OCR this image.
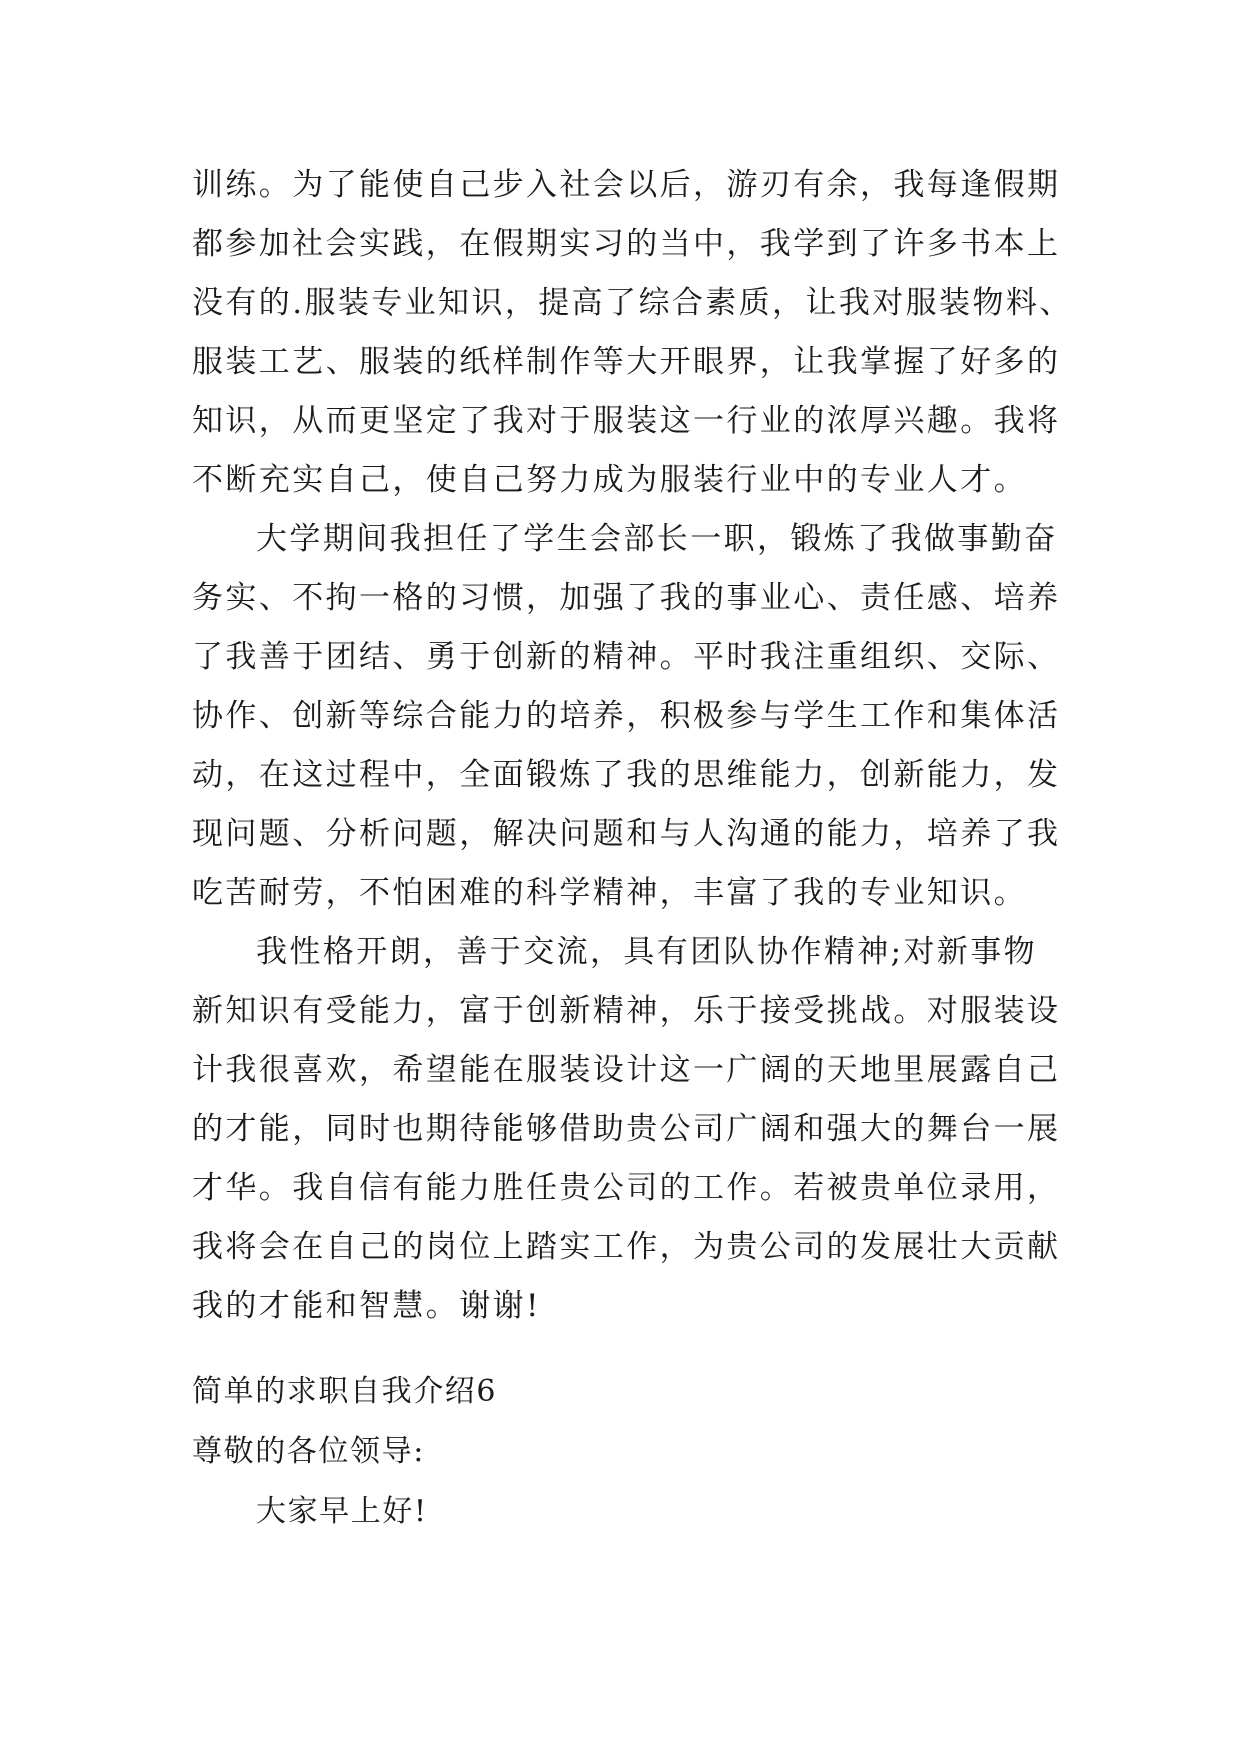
训练。为了能使自己步入社会以后，游刃有余，我每逢假期
都参加社会实践，在假期实习的当中，我学到了许多书本上
没有的.服装专业知识，提高了综合素质，让我对服装物料、
服装工艺、服装的纸样制作等大开眼界，让我掌握了好多的
知识，从而更坚定了我对于服装这一行业的浓厚兴趣。我将
不断充实自己，使自己努力成为服装行业中的专业人才。
大学期间我担任了学生会部长一职，锻炼了我做事勤奋
务实、不拘一格的习惯，加强了我的事业心、责任感、培养
了我善于团结、勇于创新的精神。平时我注重组织、交际、
协作、创新等综合能力的培养，积极参与学生工作和集体活
动，在这过程中，全面锻炼了我的思维能力，创新能力，发
现问题、分析问题，解决问题和与人沟通的能力，培养了我
吃苦耐劳，不怕困难的科学精神，丰富了我的专业知识。
我性格开朗，善于交流，具有团队协作精神;对新事物
新知识有受能力，富于创新精神，乐于接受挑战。对服装设
计我很喜欢，希望能在服装设计这一广阔的天地里展露自己
的才能，同时也期待能够借助贵公司广阔和强大的舞台一展
才华。我自信有能力胜任贵公司的工作。若被贵单位录用，
我将会在自己的岗位上踏实工作，为贵公司的发展壮大贡献
我的才能和智慧。谢谢!
简单的求职自我介绍6
尊敬的各位领导:
大家早上好!
